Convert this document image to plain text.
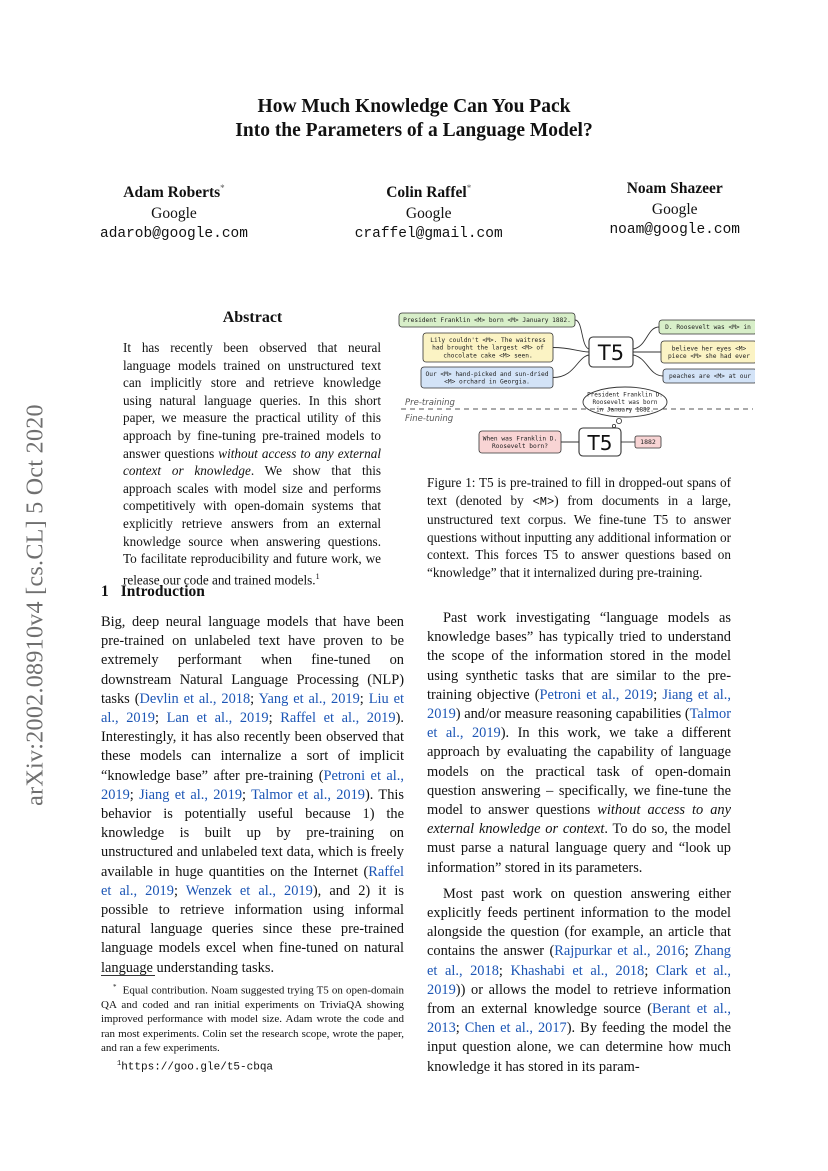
arXiv:2002.08910v4 [cs.CL] 5 Oct 2020
How Much Knowledge Can You Pack
Into the Parameters of a Language Model?
Adam Roberts*
Google
adarob@google.com
Colin Raffel*
Google
craffel@gmail.com
Noam Shazeer
Google
noam@google.com
Abstract
It has recently been observed that neural language models trained on unstructured text can implicitly store and retrieve knowledge using natural language queries. In this short paper, we measure the practical utility of this approach by fine-tuning pre-trained models to answer questions without access to any external context or knowledge. We show that this approach scales with model size and performs competitively with open-domain systems that explicitly retrieve answers from an external knowledge source when answering questions. To facilitate reproducibility and future work, we release our code and trained models.$^1$
1 Introduction
Big, deep neural language models that have been pre-trained on unlabeled text have proven to be extremely performant when fine-tuned on downstream Natural Language Processing (NLP) tasks (Devlin et al., 2018; Yang et al., 2019; Liu et al., 2019; Lan et al., 2019; Raffel et al., 2019). Interestingly, it has also recently been observed that these models can internalize a sort of implicit “knowledge base” after pre-training (Petroni et al., 2019; Jiang et al., 2019; Talmor et al., 2019). This behavior is potentially useful because 1) the knowledge is built up by pre-training on unstructured and unlabeled text data, which is freely available in huge quantities on the Internet (Raffel et al., 2019; Wenzek et al., 2019), and 2) it is possible to retrieve information using informal natural language queries since these pre-trained language models excel when fine-tuned on natural language understanding tasks.
Past work investigating “language models as knowledge bases” has typically tried to understand the scope of the information stored in the model using synthetic tasks that are similar to the pre-training objective (Petroni et al., 2019; Jiang et al., 2019) and/or measure reasoning capabilities (Talmor et al., 2019). In this work, we take a different approach by evaluating the capability of language models on the practical task of open-domain question answering – specifically, we fine-tune the model to answer questions without access to any external knowledge or context. To do so, the model must parse a natural language query and “look up information” stored in its parameters.
Most past work on question answering either explicitly feeds pertinent information to the model alongside the question (for example, an article that contains the answer (Rajpurkar et al., 2016; Zhang et al., 2018; Khashabi et al., 2018; Clark et al., 2019)) or allows the model to retrieve information from an external knowledge source (Berant et al., 2013; Chen et al., 2017). By feeding the model the input question alone, we can determine how much knowledge it has stored in its param-
* Equal contribution. Noam suggested trying T5 on open-domain QA and coded and ran initial experiments on TriviaQA showing improved performance with model size. Adam wrote the code and ran most experiments. Colin set the research scope, wrote the paper, and ran a few experiments.
$^1$https://goo.gle/t5-cbqa
T5
President Franklin <M> born <M> January 1882.
Lily couldn't <M>. The waitress
had brought the largest <M> of
chocolate cake <M> seen.
Our <M> hand-picked and sun-dried
<M> orchard in Georgia.
D. Roosevelt was <M> in
believe her eyes <M>
piece <M> she had ever
peaches are <M> at our
President Franklin D.
Roosevelt was born
in January 1882.
Pre-training
Fine-tuning
When was Franklin D.
Roosevelt born? T5	1882
Figure 1: T5 is pre-trained to fill in dropped-out spans of text (denoted by <M>) from documents in a large, unstructured text corpus. We fine-tune T5 to answer questions without inputting any additional information or context. This forces T5 to answer questions based on “knowledge” that it internalized during pre-training.
